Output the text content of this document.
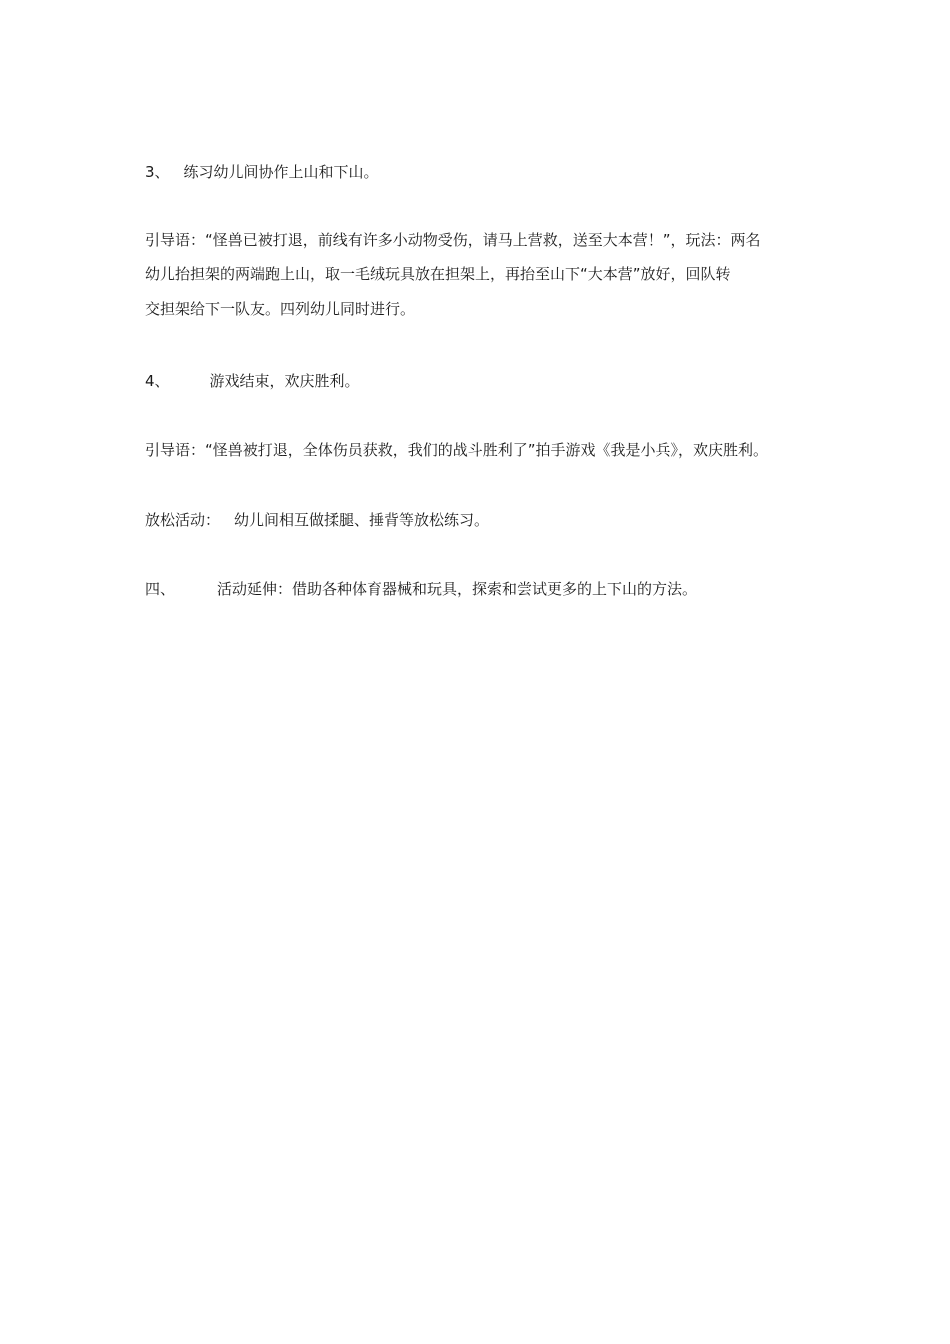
3、 练习幼儿间协作上山和下山。
引导语：“怪兽已被打退，前线有许多小动物受伤，请马上营救，送至大本营！”，玩法：两名
幼儿抬担架的两端跑上山，取一毛绒玩具放在担架上，再抬至山下“大本营”放好，回队转
交担架给下一队友。四列幼儿同时进行。
4、	游戏结束，欢庆胜利。
引导语：“怪兽被打退，全体伤员获救，我们的战斗胜利了”拍手游戏《我是小兵》，欢庆胜利。
放松活动： 幼儿间相互做揉腿、捶背等放松练习。
四、	活动延伸：借助各种体育器械和玩具，探索和尝试更多的上下山的方法。
